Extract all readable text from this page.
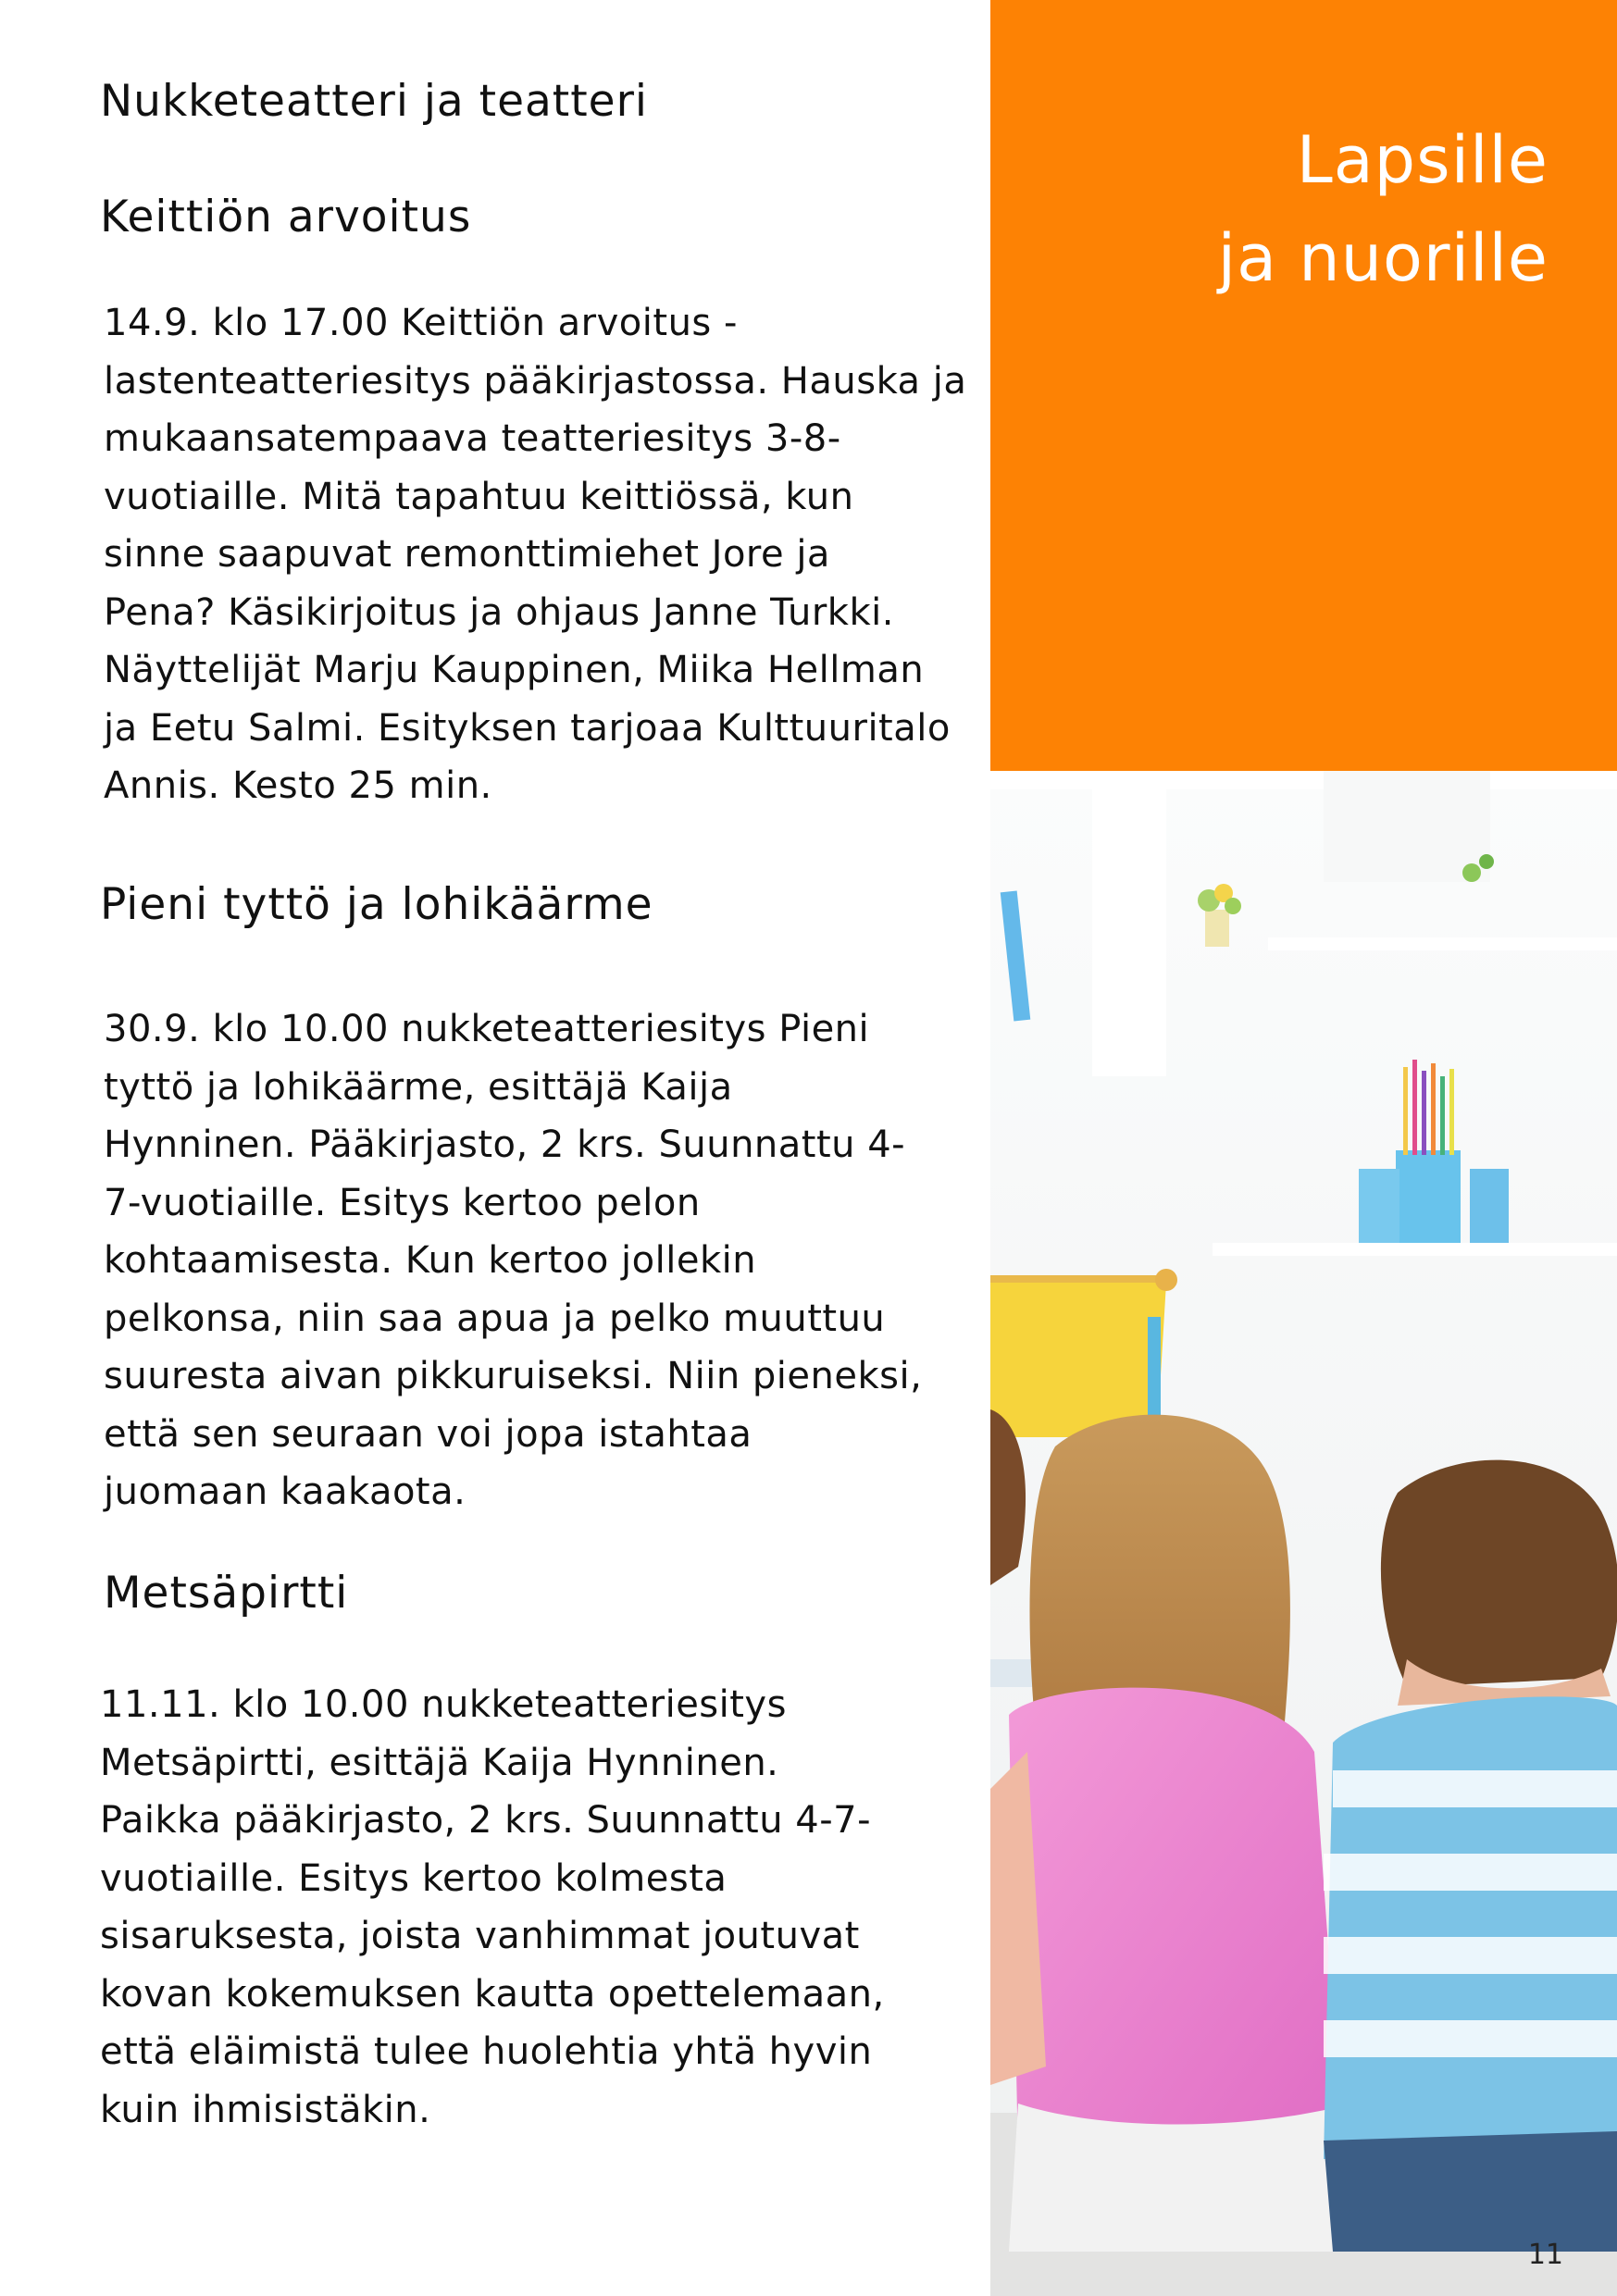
Nukketeatteri ja teatteri
Keittiön arvoitus

14.9. klo 17.00 Keittiön arvoitus -
lastenteatteriesitys pääkirjastossa. Hauska ja
mukaansatempaava teatteriesitys 3-8-
vuotiaille. Mitä tapahtuu keittiössä, kun
sinne saapuvat remonttimiehet Jore ja
Pena? Käsikirjoitus ja ohjaus Janne Turkki.
Näyttelijät Marju Kauppinen, Miika Hellman
ja Eetu Salmi. Esityksen tarjoaa Kulttuuritalo
Annis. Kesto 25 min.

Pieni tyttö ja lohikäärme

30.9. klo 10.00 nukketeatteriesitys Pieni
tyttö ja lohikäärme, esittäjä Kaija
Hynninen. Pääkirjasto, 2 krs. Suunnattu 4-
7-vuotiaille. Esitys kertoo pelon
kohtaamisesta. Kun kertoo jollekin
pelkonsa, niin saa apua ja pelko muuttuu
suuresta aivan pikkuruiseksi. Niin pieneksi,
että sen seuraan voi jopa istahtaa
juomaan kaakaota.

Metsäpirtti

11.11. klo 10.00 nukketeatteriesitys
Metsäpirtti, esittäjä Kaija Hynninen.
Paikka pääkirjasto, 2 krs. Suunnattu 4-7-
vuotiaille. Esitys kertoo kolmesta
sisaruksesta, joista vanhimmat joutuvat
kovan kokemuksen kautta opettelemaan,
että eläimistä tulee huolehtia yhtä hyvin
kuin ihmisistäkin.

Lapsille
ja nuorille
11
